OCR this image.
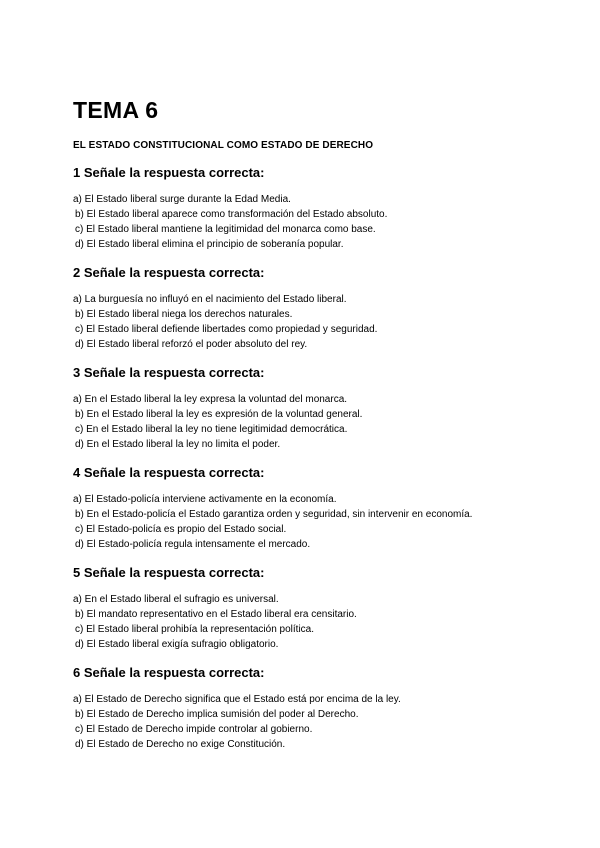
TEMA 6
EL ESTADO CONSTITUCIONAL COMO ESTADO DE DERECHO
1 Señale la respuesta correcta:
a) El Estado liberal surge durante la Edad Media.
b) El Estado liberal aparece como transformación del Estado absoluto.
c) El Estado liberal mantiene la legitimidad del monarca como base.
d) El Estado liberal elimina el principio de soberanía popular.
2 Señale la respuesta correcta:
a) La burguesía no influyó en el nacimiento del Estado liberal.
b) El Estado liberal niega los derechos naturales.
c) El Estado liberal defiende libertades como propiedad y seguridad.
d) El Estado liberal reforzó el poder absoluto del rey.
3 Señale la respuesta correcta:
a) En el Estado liberal la ley expresa la voluntad del monarca.
b) En el Estado liberal la ley es expresión de la voluntad general.
c) En el Estado liberal la ley no tiene legitimidad democrática.
d) En el Estado liberal la ley no limita el poder.
4 Señale la respuesta correcta:
a) El Estado-policía interviene activamente en la economía.
b) En el Estado-policía el Estado garantiza orden y seguridad, sin intervenir en economía.
c) El Estado-policía es propio del Estado social.
d) El Estado-policía regula intensamente el mercado.
5 Señale la respuesta correcta:
a) En el Estado liberal el sufragio es universal.
b) El mandato representativo en el Estado liberal era censitario.
c) El Estado liberal prohibía la representación política.
d) El Estado liberal exigía sufragio obligatorio.
6 Señale la respuesta correcta:
a) El Estado de Derecho significa que el Estado está por encima de la ley.
b) El Estado de Derecho implica sumisión del poder al Derecho.
c) El Estado de Derecho impide controlar al gobierno.
d) El Estado de Derecho no exige Constitución.
